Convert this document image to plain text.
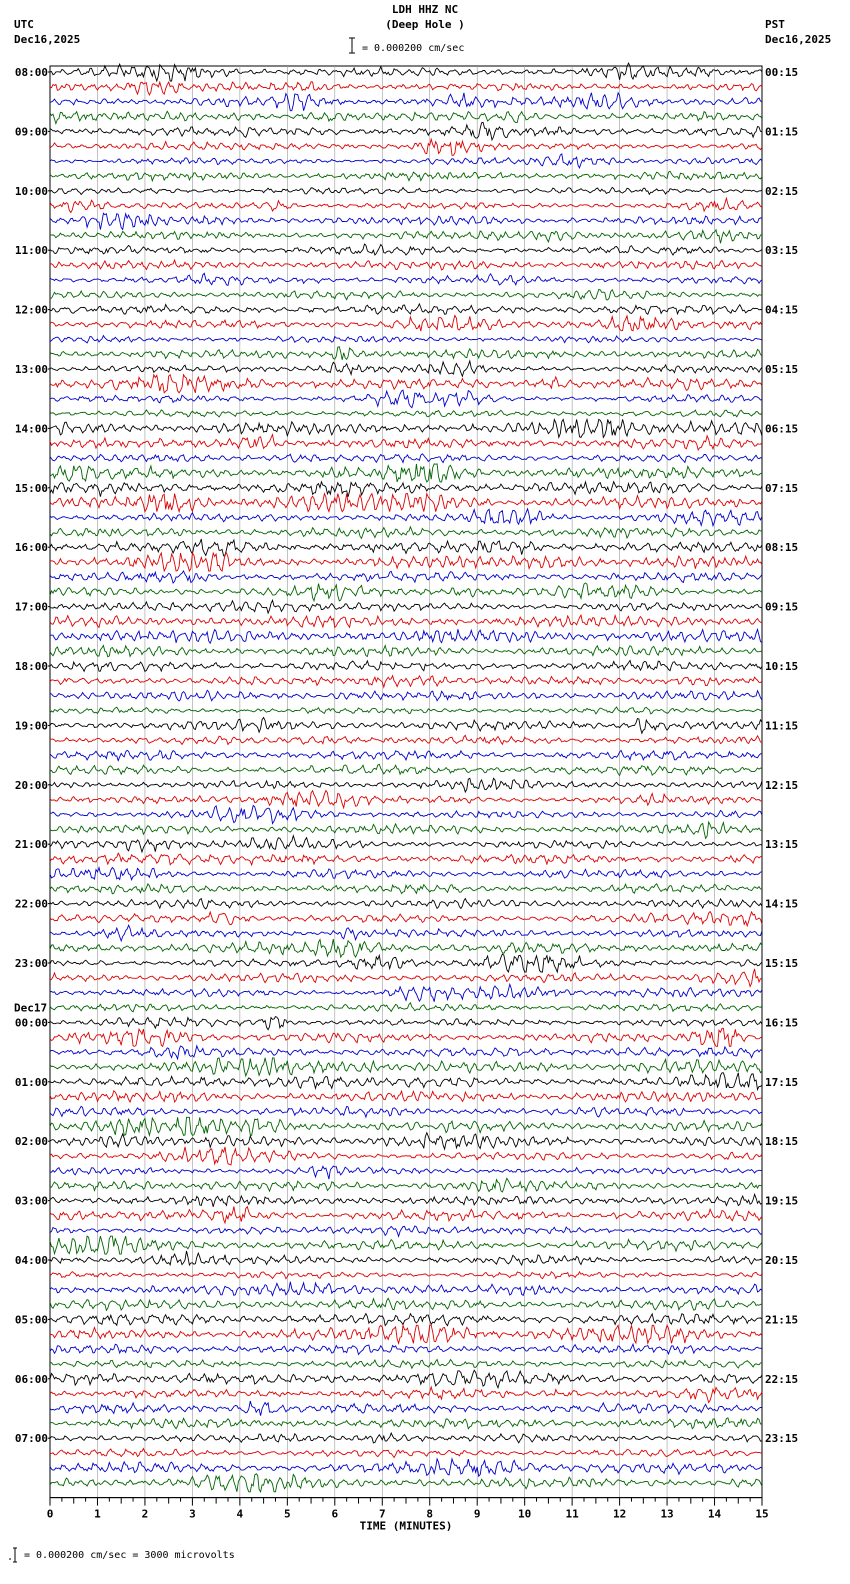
LDH HHZ NC
(Deep Hole )
= 0.000200 cm/sec
UTC
Dec16,2025
PST
Dec16,2025
08:00
09:00
10:00
11:00
12:00
13:00
14:00
15:00
16:00
17:00
18:00
19:00
20:00
21:00
22:00
23:00
00:00
01:00
02:00
03:00
04:00
05:00
06:00
07:00
00:15
01:15
02:15
03:15
04:15
05:15
06:15
07:15
08:15
09:15
10:15
11:15
12:15
13:15
14:15
15:15
16:15
17:15
18:15
19:15
20:15
21:15
22:15
23:15
Dec17
0	1	2	3	4	5	6	7	8	9	10	11	12	13	14	15
TIME (MINUTES)
= 0.000200 cm/sec = 3000 microvolts
